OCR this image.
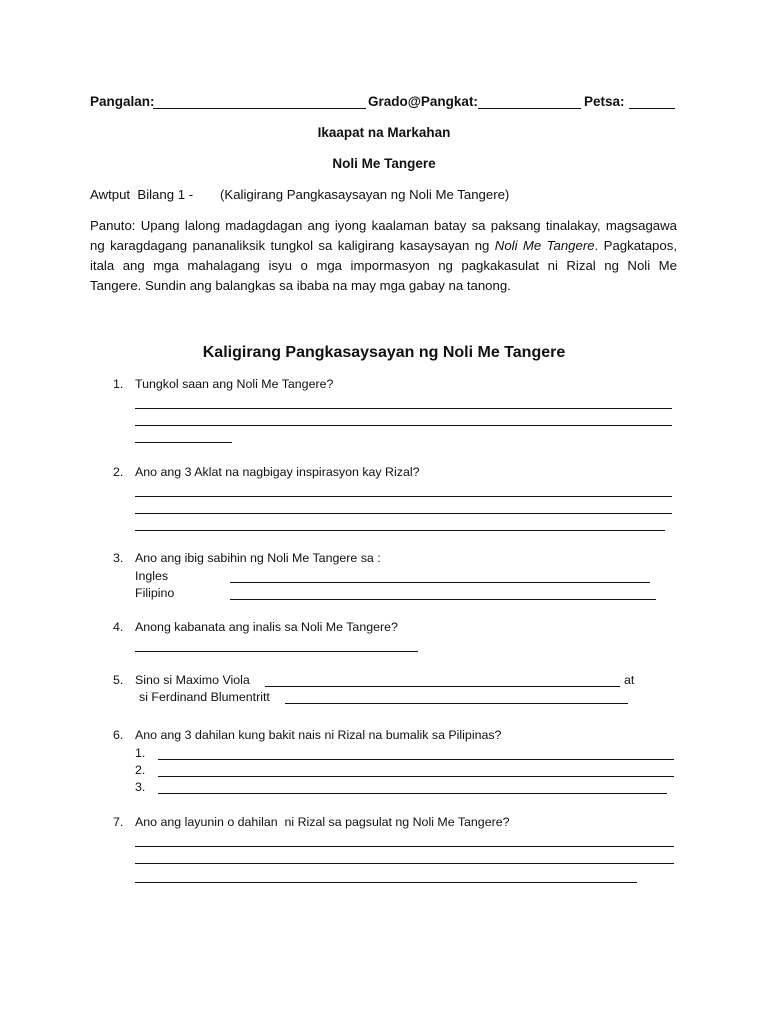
Pangalan:	Grado@Pangkat:	Petsa:
Ikaapat na Markahan
Noli Me Tangere
Awtput  Bilang 1 - (Kaligirang Pangkasaysayan ng Noli Me Tangere)
Panuto: Upang lalong madagdagan ang iyong kaalaman batay sa paksang tinalakay, magsagawa
ng karagdagang pananaliksik tungkol sa kaligirang kasaysayan ng Noli Me Tangere. Pagkatapos,
itala ang mga mahalagang isyu o mga impormasyon ng pagkakasulat ni Rizal ng Noli Me
Tangere. Sundin ang balangkas sa ibaba na may mga gabay na tanong.
Kaligirang Pangkasaysayan ng Noli Me Tangere
1. Tungkol saan ang Noli Me Tangere?
2. Ano ang 3 Aklat na nagbigay inspirasyon kay Rizal?
3. Ano ang ibig sabihin ng Noli Me Tangere sa :
Ingles
Filipino
4. Anong kabanata ang inalis sa Noli Me Tangere?
5. Sino si Maximo Viola	at
si Ferdinand Blumentritt
6. Ano ang 3 dahilan kung bakit nais ni Rizal na bumalik sa Pilipinas?
1.
2.
3.
7. Ano ang layunin o dahilan  ni Rizal sa pagsulat ng Noli Me Tangere?
